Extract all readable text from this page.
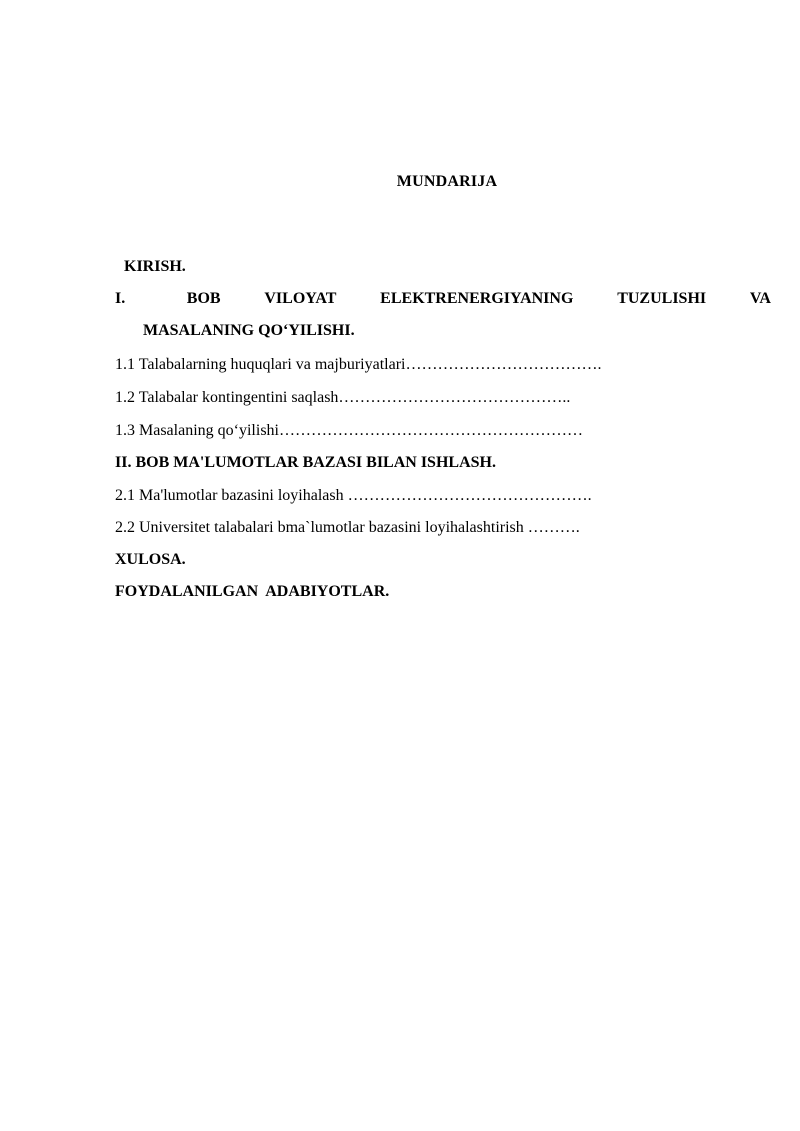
MUNDARIJA
KIRISH.
I.	BOB	VILOYAT	ELEKTRENERGIYANING	TUZULISHI	VA
MASALANING QO‘YILISHI.
1.1 Talabalarning huquqlari va majburiyatlari……………………………….
1.2 Talabalar kontingentini saqlash……………………………………..
1.3 Masalaning qo‘yilishi…………………………………………………
II. BOB MA'LUMOTLAR BAZASI BILAN ISHLASH.
2.1 Ma'lumotlar bazasini loyihalash ……………………………………….
2.2 Universitet talabalari bma`lumotlar bazasini loyihalashtirish ……….
XULOSA.
FOYDALANILGAN  ADABIYOTLAR.
